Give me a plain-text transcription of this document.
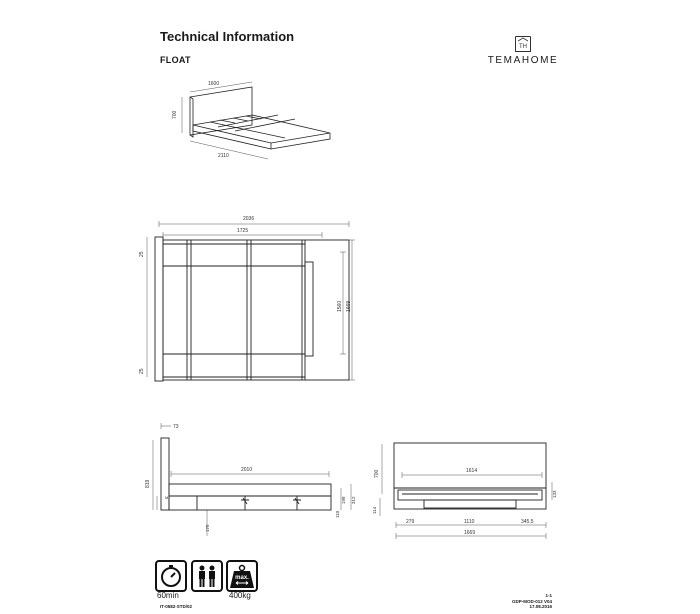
Technical Information
FLOAT
TH
TEMAHOME
1600
700
2110
2036
1725
25
25
1560 1669
73
819
2010
198 312
110
178
M
700	1614
133
114
279	1110	345,5
1669
60min
max.
400kg	1-1
GDP-MOD-012 V04
17.08.2016
IT-0582-STD/02
